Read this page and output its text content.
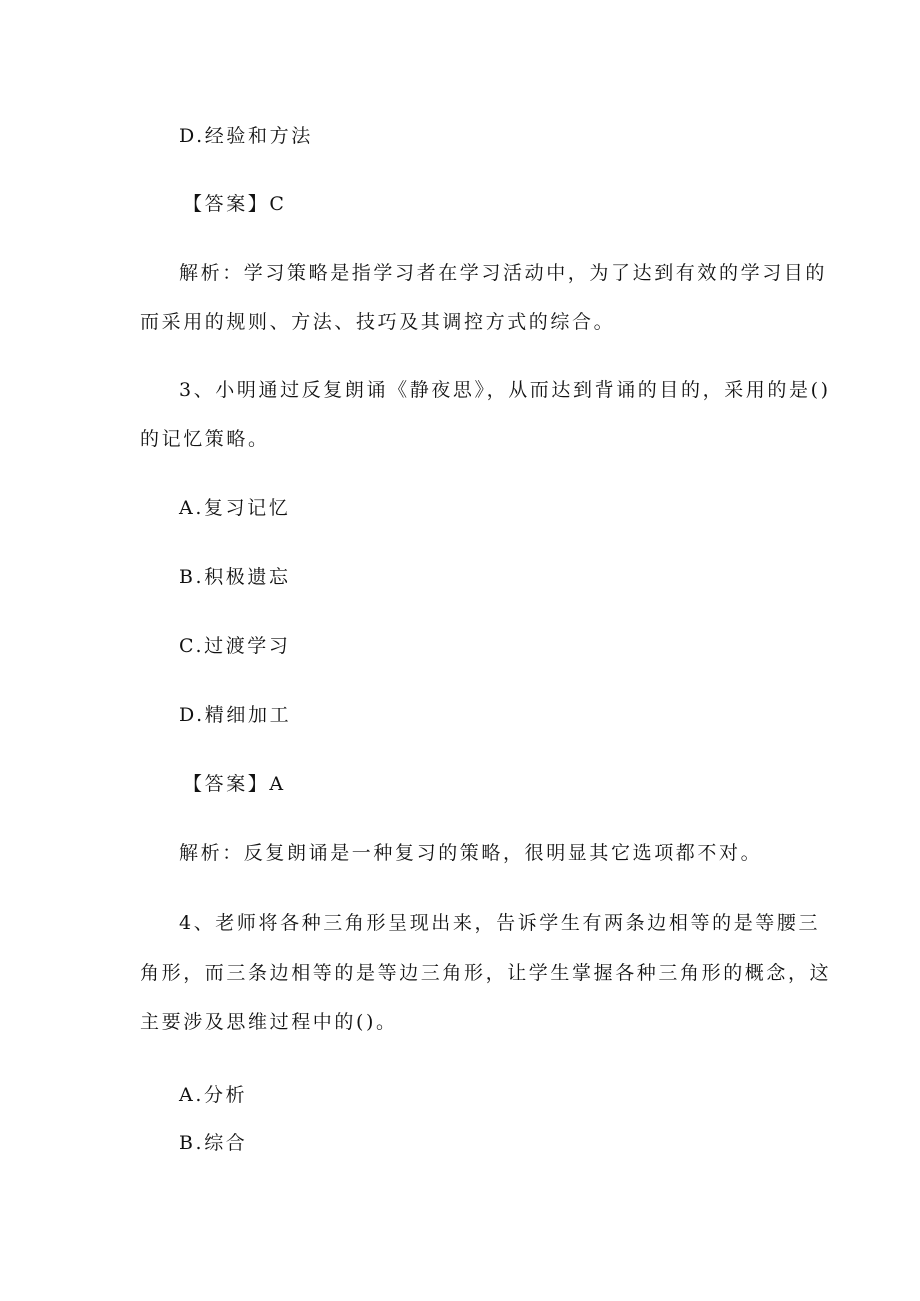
D.经验和方法
【答案】C
解析：学习策略是指学习者在学习活动中，为了达到有效的学习目的
而采用的规则、方法、技巧及其调控方式的综合。
3、小明通过反复朗诵《静夜思》，从而达到背诵的目的，采用的是()
的记忆策略。
A.复习记忆
B.积极遗忘
C.过渡学习
D.精细加工
【答案】A
解析：反复朗诵是一种复习的策略，很明显其它选项都不对。
4、老师将各种三角形呈现出来，告诉学生有两条边相等的是等腰三
角形，而三条边相等的是等边三角形，让学生掌握各种三角形的概念，这
主要涉及思维过程中的()。
A.分析
B.综合
